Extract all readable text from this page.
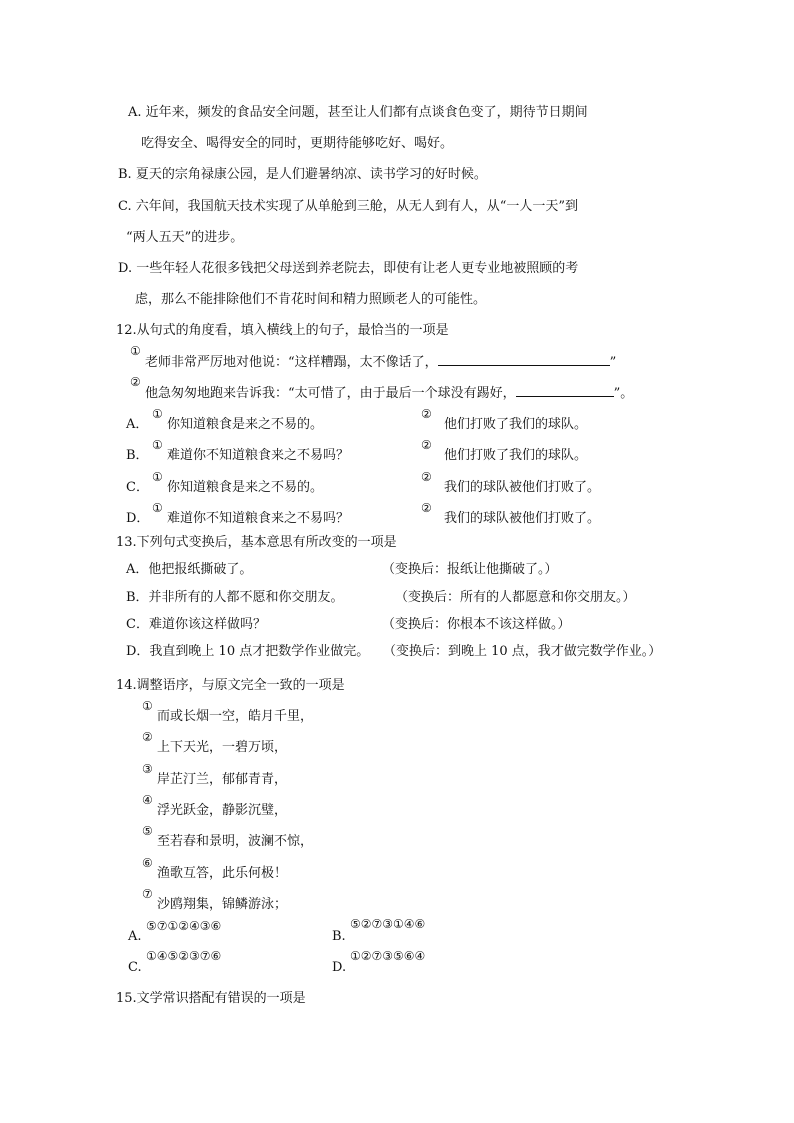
A. 近年来，频发的食品安全问题，甚至让人们都有点谈食色变了，期待节日期间
吃得安全、喝得安全的同时，更期待能够吃好、喝好。
B. 夏天的宗角禄康公园，是人们避暑纳凉、读书学习的好时候。
C. 六年间，我国航天技术实现了从单舱到三舱，从无人到有人，从“一人一天”到
“两人五天”的进步。
D. 一些年轻人花很多钱把父母送到养老院去，即使有让老人更专业地被照顾的考
虑，那么不能排除他们不肯花时间和精力照顾老人的可能性。
12.从句式的角度看，填入横线上的句子，最恰当的一项是
①
老师非常严厉地对他说：“这样糟蹋，太不像话了，	”
②
他急匆匆地跑来告诉我：“太可惜了，由于最后一个球没有踢好，	”。
A．
①
你知道粮食是来之不易的。
②
他们打败了我们的球队。
B．
①
难道你不知道粮食来之不易吗？
②
他们打败了我们的球队。
C．
①
你知道粮食是来之不易的。
②
我们的球队被他们打败了。
D．
①
难道你不知道粮食来之不易吗？
②
我们的球队被他们打败了。
13.下列句式变换后，基本意思有所改变的一项是
A．他把报纸撕破了。	（变换后：报纸让他撕破了。）
B．并非所有的人都不愿和你交朋友。	（变换后：所有的人都愿意和你交朋友。）
C．难道你该这样做吗？	（变换后：你根本不该这样做。）
D．我直到晚上 10 点才把数学作业做完。 （变换后：到晚上 10 点，我才做完数学作业。）
14.调整语序，与原文完全一致的一项是
①
而或长烟一空，皓月千里，
②
上下天光，一碧万顷，
③
岸芷汀兰，郁郁青青，
④
浮光跃金，静影沉璧，
⑤
至若春和景明，波澜不惊，
⑥
渔歌互答，此乐何极！
⑦
沙鸥翔集，锦鳞游泳；
A.
⑤⑦①②④③⑥
B.
⑤②⑦③①④⑥
C.
①④⑤②③⑦⑥
D.
①②⑦③⑤⑥④
15.文学常识搭配有错误的一项是
